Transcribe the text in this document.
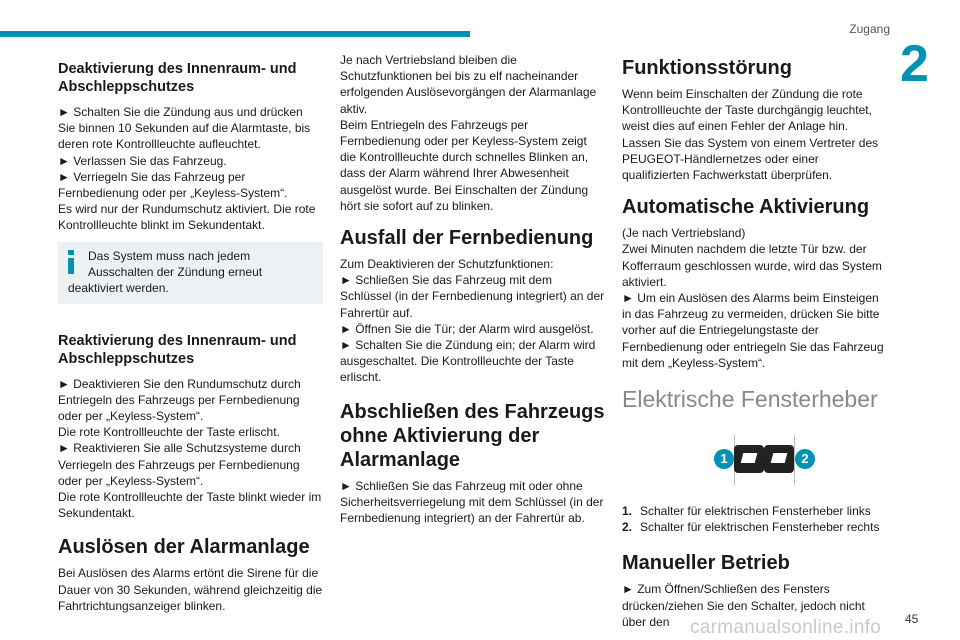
Zugang
2
45
Deaktivierung des Innenraum- und Abschleppschutzes

► Schalten Sie die Zündung aus und drücken Sie binnen 10 Sekunden auf die Alarmtaste, bis deren rote Kontrollleuchte aufleuchtet.

► Verlassen Sie das Fahrzeug.

► Verriegeln Sie das Fahrzeug per Fernbedienung oder per „Keyless-System“.

Es wird nur der Rundumschutz aktiviert. Die rote Kontrollleuchte blinkt im Sekundentakt.

Das System muss nach jedem Ausschalten der Zündung erneut deaktiviert werden.

Reaktivierung des Innenraum- und Abschleppschutzes

► Deaktivieren Sie den Rundumschutz durch Entriegeln des Fahrzeugs per Fernbedienung oder per „Keyless-System“.

Die rote Kontrollleuchte der Taste erlischt.

► Reaktivieren Sie alle Schutzsysteme durch Verriegeln des Fahrzeugs per Fernbedienung oder per „Keyless-System“.

Die rote Kontrollleuchte der Taste blinkt wieder im Sekundentakt.

Auslösen der Alarmanlage

Bei Auslösen des Alarms ertönt die Sirene für die Dauer von 30 Sekunden, während gleichzeitig die Fahrtrichtungsanzeiger blinken.

Je nach Vertriebsland bleiben die Schutzfunktionen bei bis zu elf nacheinander erfolgenden Auslösevorgängen der Alarmanlage aktiv.

Beim Entriegeln des Fahrzeugs per Fernbedienung oder per Keyless-System zeigt die Kontrollleuchte durch schnelles Blinken an, dass der Alarm während Ihrer Abwesenheit ausgelöst wurde. Bei Einschalten der Zündung hört sie sofort auf zu blinken.

Ausfall der Fernbedienung

Zum Deaktivieren der Schutzfunktionen:

► Schließen Sie das Fahrzeug mit dem Schlüssel (in der Fernbedienung integriert) an der Fahrertür auf.

► Öffnen Sie die Tür; der Alarm wird ausgelöst.

► Schalten Sie die Zündung ein; der Alarm wird ausgeschaltet. Die Kontrollleuchte der Taste erlischt.

Abschließen des Fahrzeugs ohne Aktivierung der Alarmanlage

► Schließen Sie das Fahrzeug mit oder ohne Sicherheitsverriegelung mit dem Schlüssel (in der Fernbedienung integriert) an der Fahrertür ab.

Funktionsstörung

Wenn beim Einschalten der Zündung die rote Kontrollleuchte der Taste durchgängig leuchtet, weist dies auf einen Fehler der Anlage hin. Lassen Sie das System von einem Vertreter des PEUGEOT-Händlernetzes oder einer qualifizierten Fachwerkstatt überprüfen.

Automatische Aktivierung

(Je nach Vertriebsland)

Zwei Minuten nachdem die letzte Tür bzw. der Kofferraum geschlossen wurde, wird das System aktiviert.

► Um ein Auslösen des Alarms beim Einsteigen in das Fahrzeug zu vermeiden, drücken Sie bitte vorher auf die Entriegelungstaste der Fernbedienung oder entriegeln Sie das Fahrzeug mit dem „Keyless-System“.

Elektrische Fensterheber
1	2
1. Schalter für elektrischen Fensterheber links
2. Schalter für elektrischen Fensterheber rechts
Manueller Betrieb

► Zum Öffnen/Schließen des Fensters drücken/ziehen Sie den Schalter, jedoch nicht über den	carmanualsonline.info
